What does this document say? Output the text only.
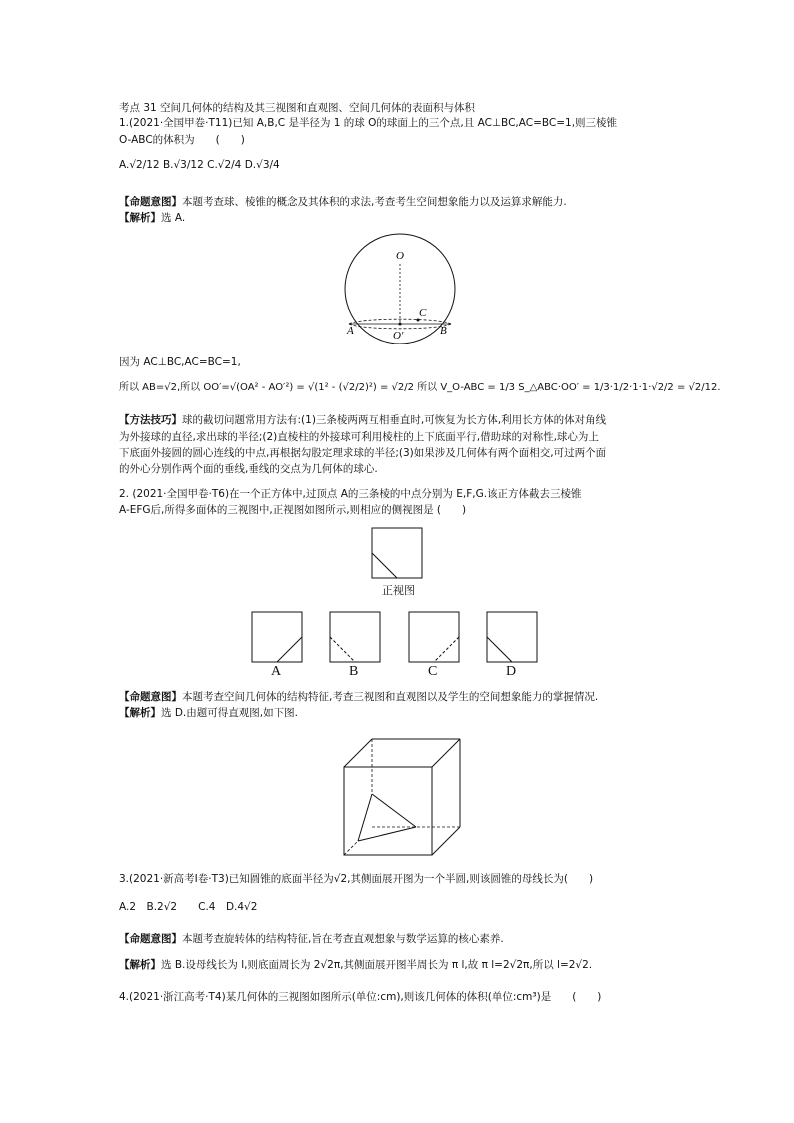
考点 31 空间几何体的结构及其三视图和直观图、空间几何体的表面积与体积
1.(2021·全国甲卷·T11)已知 A,B,C 是半径为 1 的球 O的球面上的三个点,且 AC⊥BC,AC=BC=1,则三棱锥
O-ABC的体积为　　(　　)
A.√2/12 B.√3/12 C.√2/4 D.√3/4
【命题意图】本题考查球、棱锥的概念及其体积的求法,考查考生空间想象能力以及运算求解能力.
【解析】选 A.
O
C
A	B
O′
因为 AC⊥BC,AC=BC=1,
所以 AB=√2,所以 OO′=√(OA² - AO′²) = √(1² - (√2/2)²) = √2/2 所以 V_O-ABC = 1/3 S_△ABC·OO′ = 1/3·1/2·1·1·√2/2 = √2/12.
【方法技巧】球的截切问题常用方法有:(1)三条棱两两互相垂直时,可恢复为长方体,利用长方体的体对角线
为外接球的直径,求出球的半径;(2)直棱柱的外接球可利用棱柱的上下底面平行,借助球的对称性,球心为上
下底面外接圆的圆心连线的中点,再根据勾股定理求球的半径;(3)如果涉及几何体有两个面相交,可过两个面
的外心分别作两个面的垂线,垂线的交点为几何体的球心.
2. (2021·全国甲卷·T6)在一个正方体中,过顶点 A的三条棱的中点分别为 E,F,G.该正方体截去三棱锥
A-EFG后,所得多面体的三视图中,正视图如图所示,则相应的侧视图是 (　　)
正视图
A	B	C	D
【命题意图】本题考查空间几何体的结构特征,考查三视图和直观图以及学生的空间想象能力的掌握情况.
【解析】选 D.由题可得直观图,如下图.
3.(2021·新高考Ⅰ卷·T3)已知圆锥的底面半径为√2,其侧面展开图为一个半圆,则该圆锥的母线长为(　　)
A.2　B.2√2　　C.4　D.4√2
【命题意图】本题考查旋转体的结构特征,旨在考查直观想象与数学运算的核心素养.
【解析】选 B.设母线长为 l,则底面周长为 2√2π,其侧面展开图半周长为 π l,故 π l=2√2π,所以 l=2√2.
4.(2021·浙江高考·T4)某几何体的三视图如图所示(单位:cm),则该几何体的体积(单位:cm³)是　　(　　)
